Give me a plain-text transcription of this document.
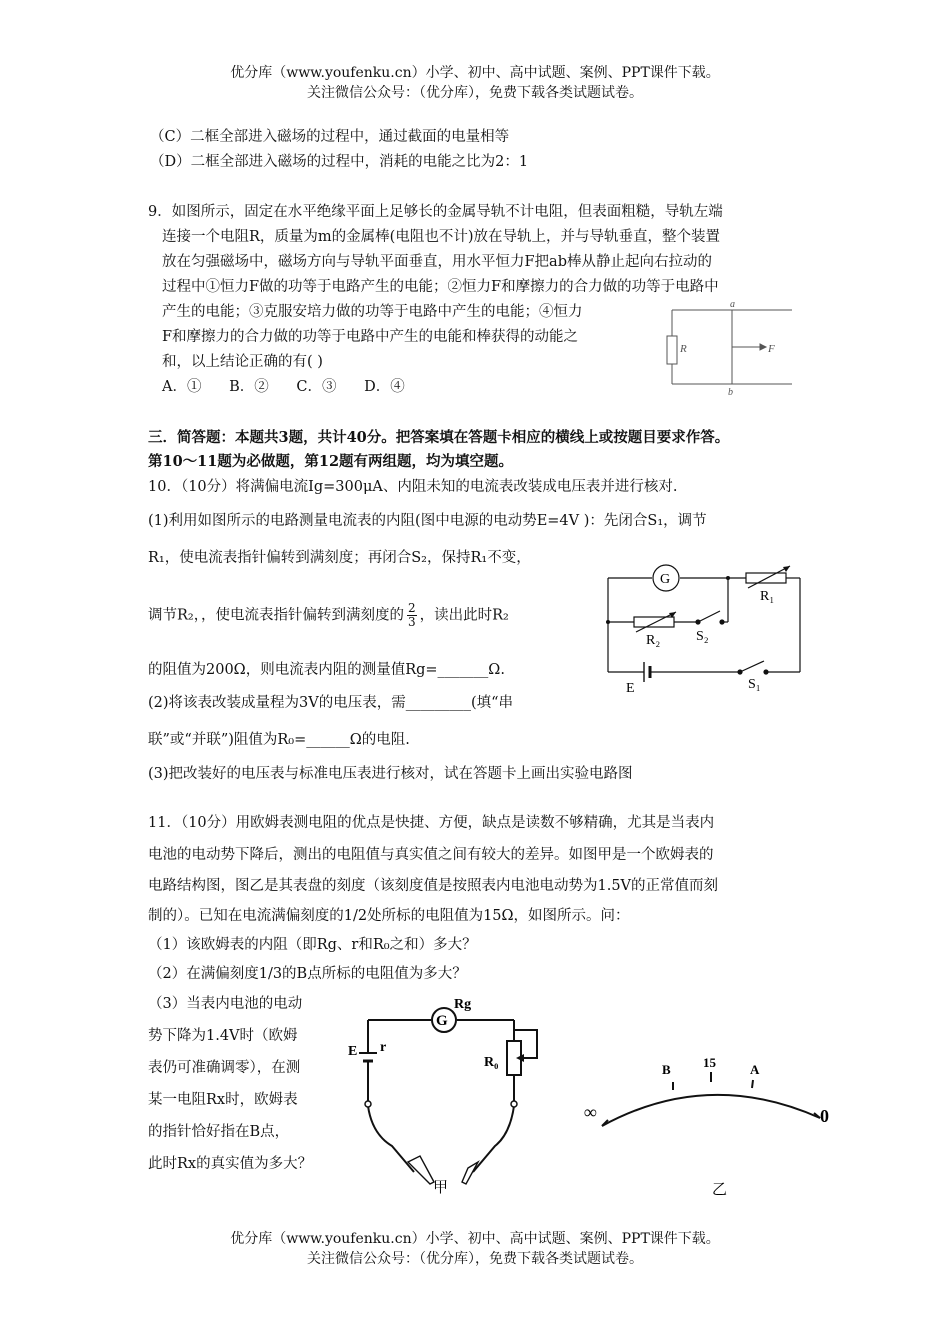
优分库（www.youfenku.cn）小学、初中、高中试题、案例、PPT课件下载。
关注微信公众号：（优分库），免费下载各类试题试卷。
（C）二框全部进入磁场的过程中，通过截面的电量相等
（D）二框全部进入磁场的过程中，消耗的电能之比为2：1
9．如图所示，固定在水平绝缘平面上足够长的金属导轨不计电阻，但表面粗糙，导轨左端
连接一个电阻R，质量为m的金属棒(电阻也不计)放在导轨上，并与导轨垂直，整个装置
放在匀强磁场中，磁场方向与导轨平面垂直，用水平恒力F把ab棒从静止起向右拉动的
过程中①恒力F做的功等于电路产生的电能；②恒力F和摩擦力的合力做的功等于电路中
产生的电能；③克服安培力做的功等于电路中产生的电能；④恒力
F和摩擦力的合力做的功等于电路中产生的电能和棒获得的动能之
和，以上结论正确的有( )
A．①      B．②      C．③      D．④
a
b
R	F
三．简答题：本题共3题，共计40分。把答案填在答题卡相应的横线上或按题目要求作答。
第10～11题为必做题，第12题有两组题，均为填空题。
10．（10分）将满偏电流Ig=300μA、内阻未知的电流表改装成电压表并进行核对.
(1)利用如图所示的电路测量电流表的内阻(图中电源的电动势E=4V )：先闭合S₁，调节
R₁，使电流表指针偏转到满刻度；再闭合S₂，保持R₁不变，
调节R₂，，使电流表指针偏转到满刻度的 $\frac{2}{3}$ ，读出此时R₂
的阻值为200Ω，则电流表内阻的测量值Rg=_______Ω.
(2)将该表改装成量程为3V的电压表，需_________(填“串
联”或“并联”)阻值为R₀=______Ω的电阻.
(3)把改装好的电压表与标准电压表进行核对，试在答题卡上画出实验电路图
G
R₁
R₂	S₂
S₁
E
11．（10分）用欧姆表测电阻的优点是快捷、方便，缺点是读数不够精确，尤其是当表内
电池的电动势下降后，测出的电阻值与真实值之间有较大的差异。如图甲是一个欧姆表的
电路结构图，图乙是其表盘的刻度（该刻度值是按照表内电池电动势为1.5V的正常值而刻
制的）。已知在电流满偏刻度的1/2处所标的电阻值为15Ω，如图所示。问：
（1）该欧姆表的内阻（即Rg、r和R₀之和）多大？
（2）在满偏刻度1/3的B点所标的电阻值为多大？
（3）当表内电池的电动
势下降为1.4V时（欧姆
表仍可准确调零），在测
某一电阻Rx时，欧姆表
的指针恰好指在B点，
此时Rx的真实值为多大？
G
Rg
E r
R₀
甲
B 15	A
∞	0
乙
优分库（www.youfenku.cn）小学、初中、高中试题、案例、PPT课件下载。
关注微信公众号：（优分库），免费下载各类试题试卷。
